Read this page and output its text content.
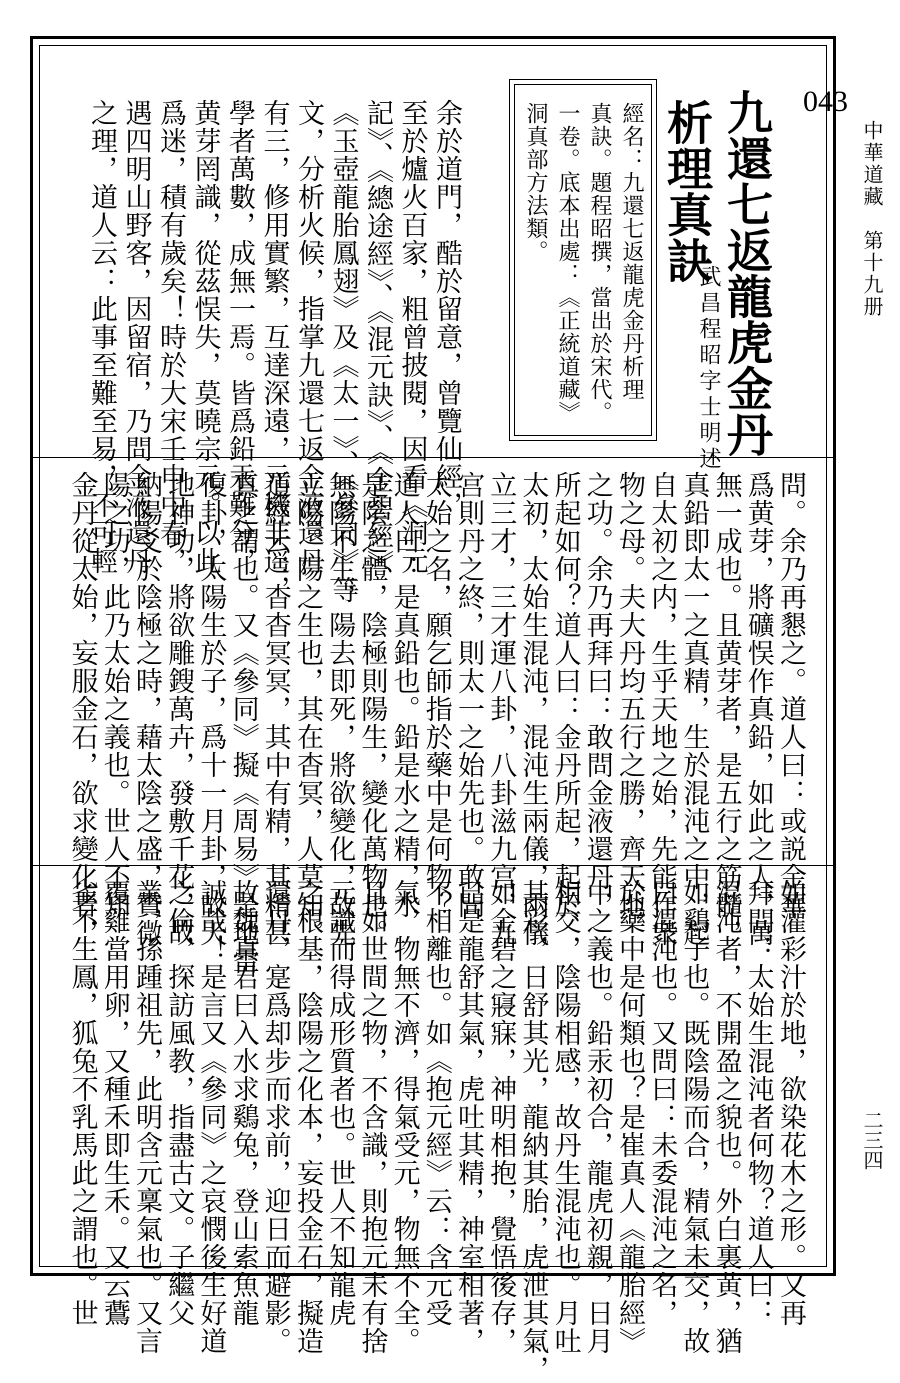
043
九還七返龍虎金丹
析理真訣
武昌程昭字士明述
經名：九還七返龍虎金丹析理
真訣。題程昭撰，當出於宋代。
一卷。底本出處：《正統道藏》
洞真部方法類。
余於道門，酷於留意，曾覽仙經，
至於爐火百家，粗曾披閱，因看《洞元
記》、《總途經》、《混元訣》、《金碧經》、
《玉壺龍胎鳳翅》及《太一》、《參同》等
文，分析火候，指掌九還七返金液還丹
有三，修用實繁，互達深遠，元機非遥，
學者萬數，成無一焉。皆爲鉛汞難分，
黄芽罔識，從茲悮失，莫曉宗元。以此
爲迷，積有歲矣！時於大宋壬申中春，
遇四明山野客，因留宿，乃問金液還丹
之理，道人云：此事至難至易，不可輕
問。余乃再懇之。道人曰：或説金華
爲黄芽，將礦悮作真鉛，如此之人，萬
無一成也。且黄芽者，是五行之筋髓，
真鉛即太一之真精，生於混沌之中，起
自太初之内，生乎天地之始，先能作衆
物之母。夫大丹均五行之勝，齊天地
之功。余乃再拜曰：敢問金液還丹，
所起如何？道人曰：金丹所起，起於
太初，太始生混沌，混沌生兩儀，兩儀
立三才，三才運八卦，八卦滋九宫，九
宫則丹之終，則太一之始先也。敢問
太始之名，願乞師指於藥中是何物？
道人曰：是真鉛也。鉛是水之精，水
是陰之體，陰極則陽生，變化萬物也。
無陽不生，陽去即死，將欲變化，故先
立陽。陽之生也，其在杳冥，人莫知。
道經云：杳杳冥冥，其中有精，其精甚
真之謂也。又《參同》擬《周易》是地雷
復卦，太陽生於子，爲十一月卦，故天
地神功，將欲雕鎪萬卉，發敷千花，故
納陽爻於陰極之時，藉太陰之盛，贊微
陽之功，此乃太始之義也。世人不知
金丹從太始，妄服金石，欲求變化者，
如灌彩汁於地，欲染花木之形。又再
拜問：太始生混沌者何物？道人曰：
混沌者，不開盈之貌也。外白裏黄，猶
如鷄子也。既陰陽而合，精氣未交，故
曰混沌也。又問曰：未委混沌之名，
於藥中是何類也？是崔真人《龍胎經》
中之義也。鉛汞初合，龍虎初親，日月
相交，陰陽相感，故丹生混沌也。月吐
其彩，日舒其光，龍納其胎，虎泄其氣，
如金碧之寢寐，神明相抱，覺悟後存，
已是龍舒其氣，虎吐其精，神室相著，
不相離也。如《抱元經》云：含元受
氣，物無不濟，得氣受元，物無不全。
且如世間之物，不含識，則抱元未有捨
元識而得成形質者也。世人不知龍虎
之根基，陰陽之化本，妄投金石，擬造
還丹，寔爲却步而求前，迎日而避影。
故魏真君曰入水求鷄兔，登山索魚龍
誠哉！是言又《參同》之哀憫後生好道
之倫，探訪風教，指盡古文。子繼父
業，孫踵祖先，此明含元稟氣也。又言
覆雞當用卵，又種禾即生禾。又云鷰
雀不生鳳，狐兔不乳馬此之謂也。世
中華道藏　第十九册
二三四
